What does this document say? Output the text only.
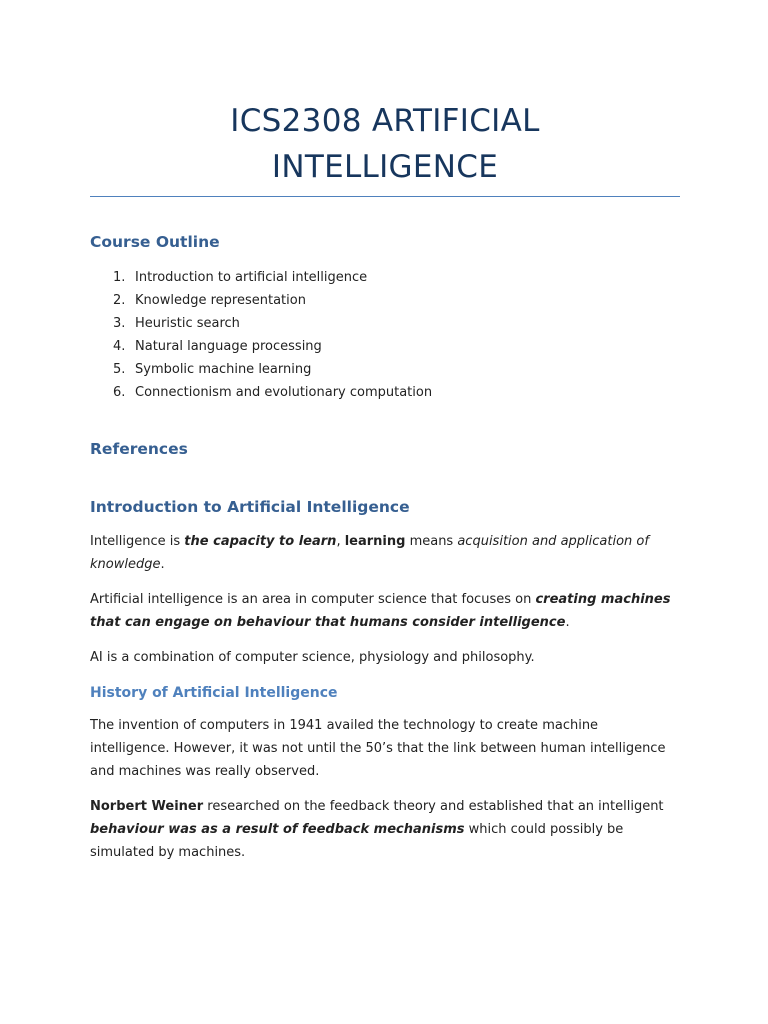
ICS2308 ARTIFICIAL
INTELLIGENCE
Course Outline
1. Introduction to artificial intelligence
2. Knowledge representation
3. Heuristic search
4. Natural language processing
5. Symbolic machine learning
6. Connectionism and evolutionary computation
References
Introduction to Artificial Intelligence

Intelligence is the capacity to learn, learning means acquisition and application of knowledge.

Artificial intelligence is an area in computer science that focuses on creating machines that can engage on behaviour that humans consider intelligence.

AI is a combination of computer science, physiology and philosophy.

History of Artificial Intelligence

The invention of computers in 1941 availed the technology to create machine intelligence. However, it was not until the 50’s that the link between human intelligence and machines was really observed.

Norbert Weiner researched on the feedback theory and established that an intelligent behaviour was as a result of feedback mechanisms which could possibly be simulated by machines.
